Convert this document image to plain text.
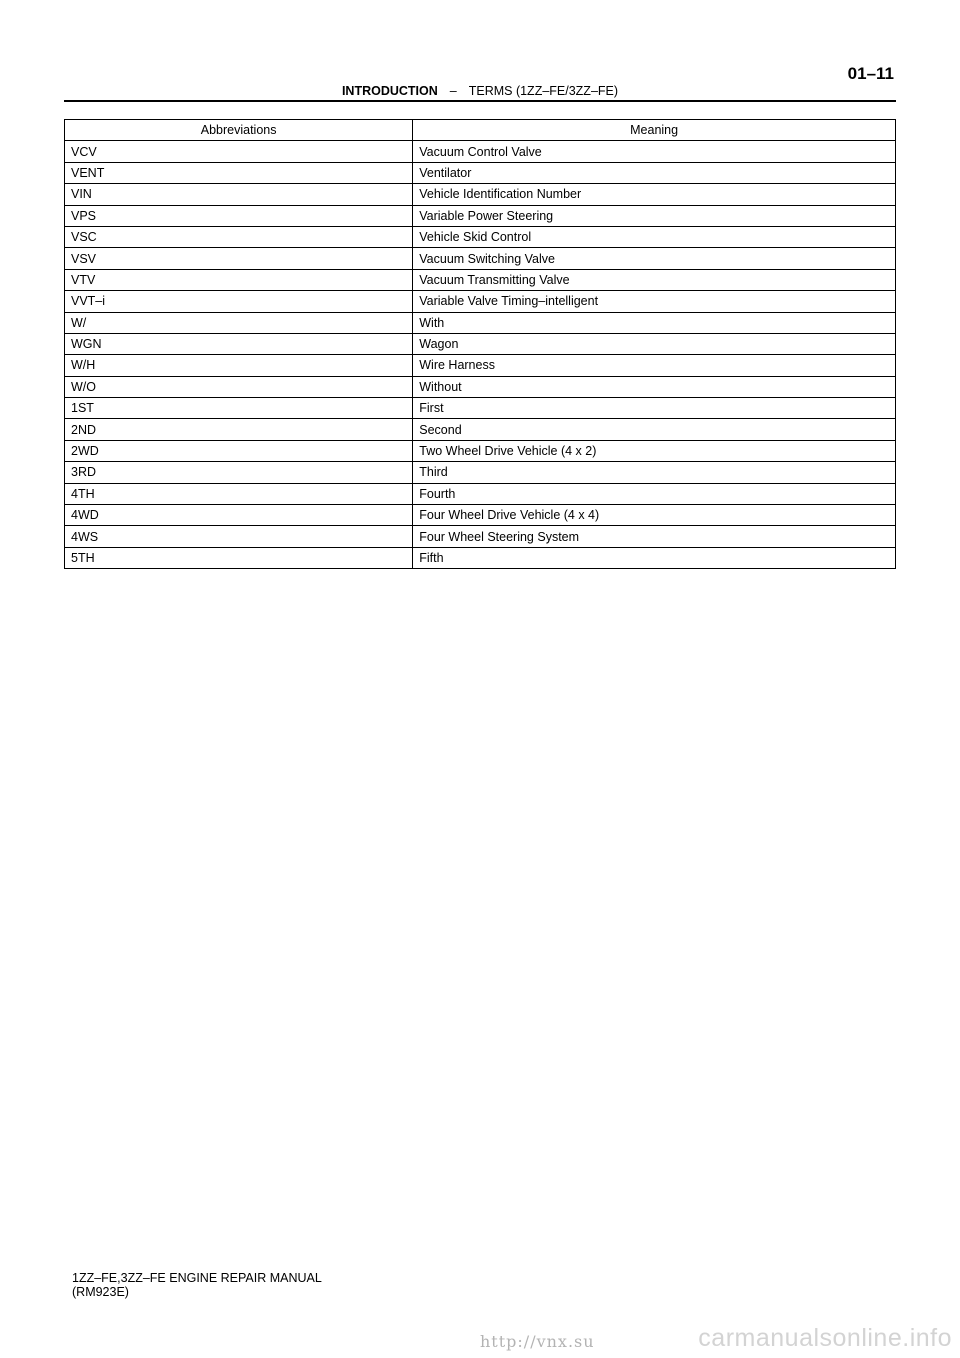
01–11
INTRODUCTION – TERMS (1ZZ–FE/3ZZ–FE)
Abbreviations	Meaning
VCV	Vacuum Control Valve
VENT	Ventilator
VIN	Vehicle Identification Number
VPS	Variable Power Steering
VSC	Vehicle Skid Control
VSV	Vacuum Switching Valve
VTV	Vacuum Transmitting Valve
VVT–i	Variable Valve Timing–intelligent
W/	With
WGN	Wagon
W/H	Wire Harness
W/O	Without
1ST	First
2ND	Second
2WD	Two Wheel Drive Vehicle (4 x 2)
3RD	Third
4TH	Fourth
4WD	Four Wheel Drive Vehicle (4 x 4)
4WS	Four Wheel Steering System
5TH	Fifth
1ZZ–FE,3ZZ–FE ENGINE REPAIR MANUAL
(RM923E)
http://vnx.su	carmanualsonline.info
